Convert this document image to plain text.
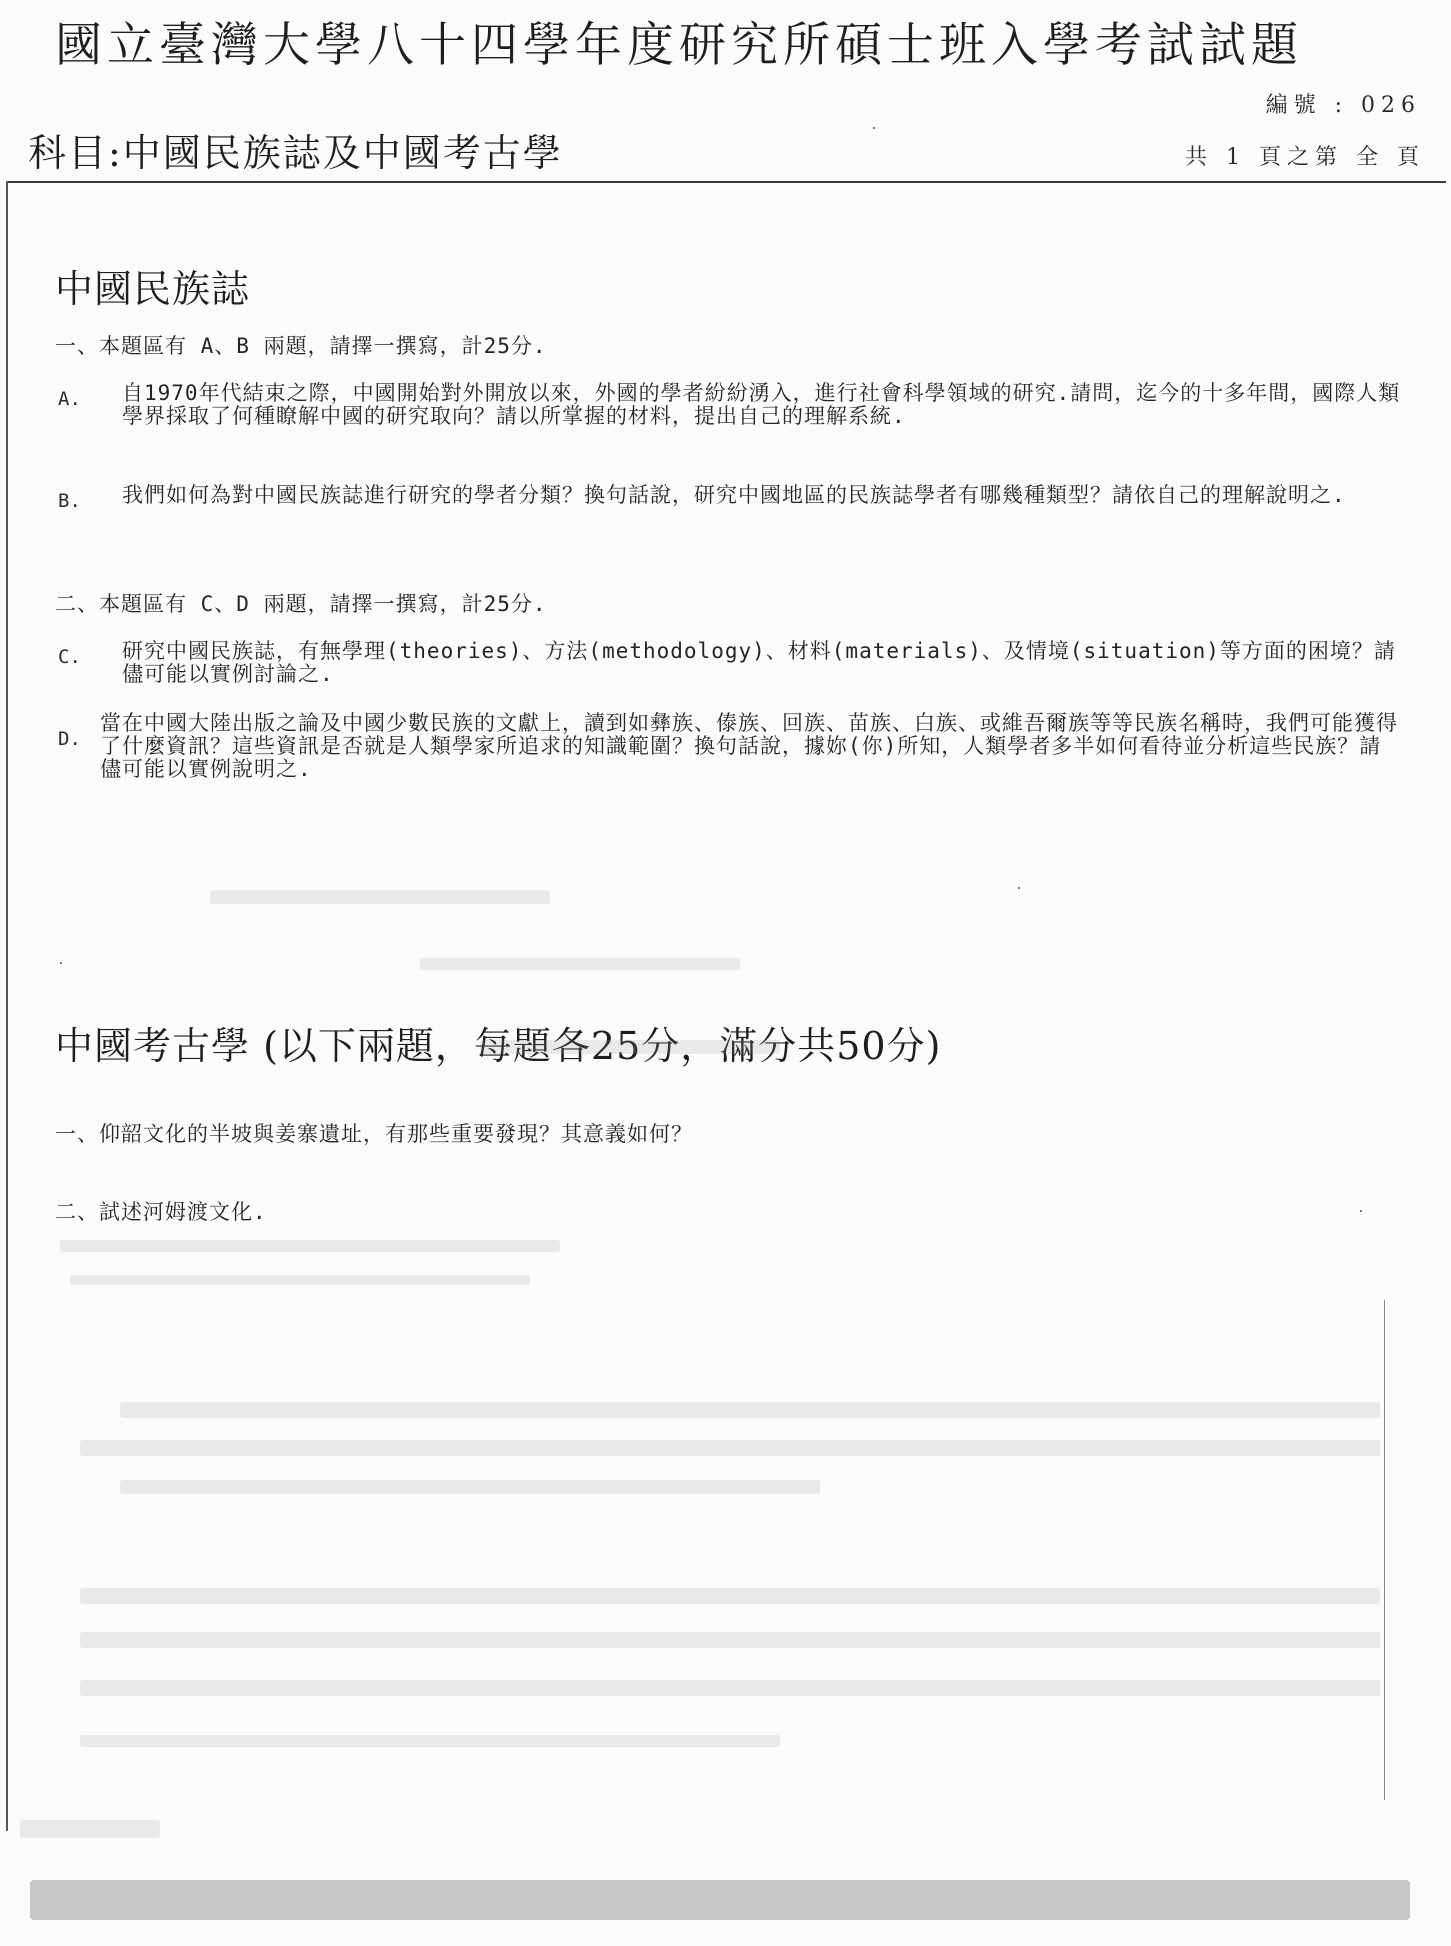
國立臺灣大學八十四學年度研究所碩士班入學考試試題
編號 : 026
科目:中國民族誌及中國考古學	共 1 頁之第 全 頁
中國民族誌
一、本題區有 A、B 兩題，請擇一撰寫，計25分.
A. 自1970年代結束之際，中國開始對外開放以來，外國的學者紛紛湧入，進行社會科學領域的研究.請問，迄今的十多年間，國際人類學界採取了何種瞭解中國的研究取向？請以所掌握的材料，提出自己的理解系統.
B. 我們如何為對中國民族誌進行研究的學者分類？換句話說，研究中國地區的民族誌學者有哪幾種類型？請依自己的理解說明之.
二、本題區有 C、D 兩題，請擇一撰寫，計25分.
C. 研究中國民族誌，有無學理(theories)、方法(methodology)、材料(materials)、及情境(situation)等方面的困境？請儘可能以實例討論之.
D.
當在中國大陸出版之論及中國少數民族的文獻上，讀到如彝族、傣族、回族、苗族、白族、或維吾爾族等等民族名稱時，我們可能獲得了什麼資訊？這些資訊是否就是人類學家所追求的知識範圍？換句話說，據妳(你)所知，人類學者多半如何看待並分析這些民族？請儘可能以實例說明之.
中國考古學 (以下兩題，每題各25分，滿分共50分)
一、仰韶文化的半坡與姜寨遺址，有那些重要發現？其意義如何？
二、試述河姆渡文化.
